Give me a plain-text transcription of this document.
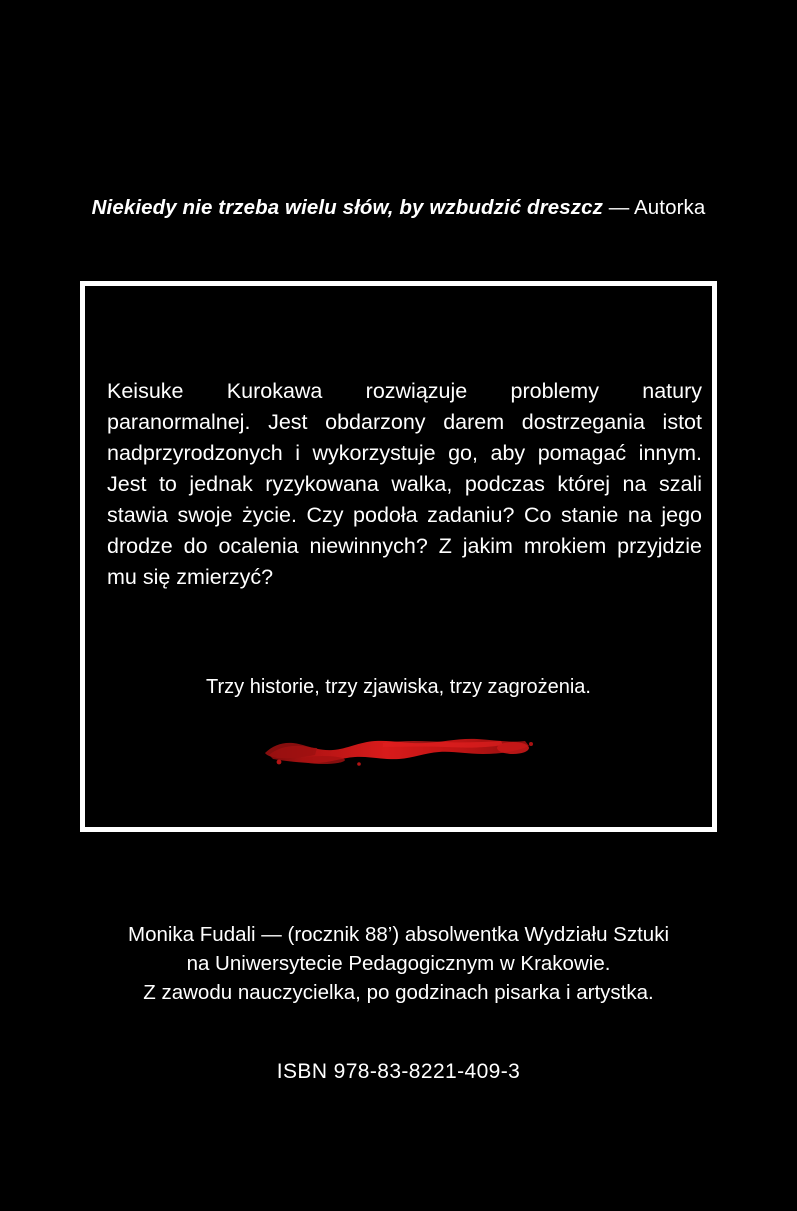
Niekiedy nie trzeba wielu słów, by wzbudzić dreszcz — Autorka
Keisuke Kurokawa rozwiązuje problemy natury paranormalnej. Jest obdarzony darem dostrzegania istot nadprzyrodzonych i wykorzystuje go, aby pomagać innym. Jest to jednak ryzykowana walka, podczas której na szali stawia swoje życie. Czy podoła zadaniu? Co stanie na jego drodze do ocalenia niewinnych? Z jakim mrokiem przyjdzie mu się zmierzyć?
Trzy historie, trzy zjawiska, trzy zagrożenia.
Monika Fudali — (rocznik 88’) absolwentka Wydziału Sztuki
na Uniwersytecie Pedagogicznym w Krakowie.
Z zawodu nauczycielka, po godzinach pisarka i artystka.
ISBN 978-83-8221-409-3
